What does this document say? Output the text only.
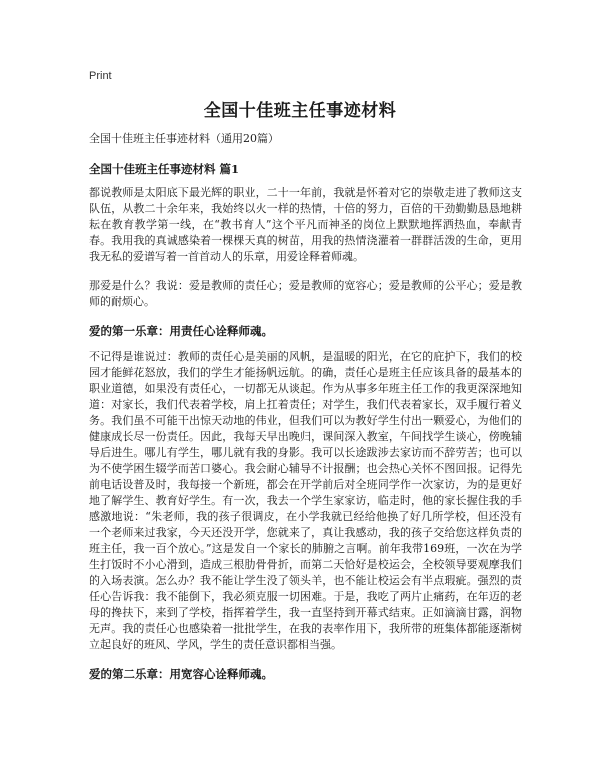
Print
全国十佳班主任事迹材料

全国十佳班主任事迹材料（通用20篇）

全国十佳班主任事迹材料 篇1

都说教师是太阳底下最光辉的职业，二十一年前，我就是怀着对它的崇敬走进了教师这支队伍，从教二十余年来，我始终以火一样的热情，十倍的努力，百倍的干劲勤勤恳恳地耕耘在教育教学第一线，在“教书育人”这个平凡而神圣的岗位上默默地挥洒热血，奉献青春。我用我的真诚感染着一棵棵天真的树苗，用我的热情浇灌着一群群活泼的生命，更用我无私的爱谱写着一首首动人的乐章，用爱诠释着师魂。

那爱是什么？我说：爱是教师的责任心；爱是教师的宽容心；爱是教师的公平心；爱是教师的耐烦心。

爱的第一乐章：用责任心诠释师魂。

不记得是谁说过：教师的责任心是美丽的风帆，是温暖的阳光，在它的庇护下，我们的校园才能鲜花怒放，我们的学生才能扬帆远航。的确，责任心是班主任应该具备的最基本的职业道德，如果没有责任心，一切都无从谈起。作为从事多年班主任工作的我更深深地知道：对家长，我们代表着学校，肩上扛着责任；对学生，我们代表着家长，双手履行着义务。我们虽不可能干出惊天动地的伟业，但我们可以为教好学生付出一颗爱心，为他们的健康成长尽一份责任。因此，我每天早出晚归，课间深入教室，午间找学生谈心，傍晚辅导后进生。哪儿有学生，哪儿就有我的身影。我可以长途跋涉去家访而不辞劳苦；也可以为不使学困生辍学而苦口婆心。我会耐心辅导不计报酬；也会热心关怀不图回报。记得先前电话设普及时，我每接一个新班，都会在开学前后对全班同学作一次家访，为的是更好地了解学生、教育好学生。有一次，我去一个学生家家访，临走时，他的家长握住我的手感激地说：“朱老师，我的孩子很调皮，在小学我就已经给他换了好几所学校，但还没有一个老师来过我家，今天还没开学，您就来了，真让我感动，我的孩子交给您这样负责的班主任，我一百个放心。”这是发自一个家长的肺腑之言啊。前年我带169班，一次在为学生打饭时不小心滑到，造成三根肋骨骨折，而第二天恰好是校运会，全校领导要观摩我们的入场表演。怎么办？我不能让学生没了领头羊，也不能让校运会有半点瑕疵。强烈的责任心告诉我：我不能倒下，我必须克服一切困难。于是，我吃了两片止痛药，在年迈的老母的搀扶下，来到了学校，指挥着学生，我一直坚持到开幕式结束。正如滴滴甘露，润物无声。我的责任心也感染着一批批学生，在我的表率作用下，我所带的班集体都能逐渐树立起良好的班风、学风，学生的责任意识都相当强。

爱的第二乐章：用宽容心诠释师魂。
